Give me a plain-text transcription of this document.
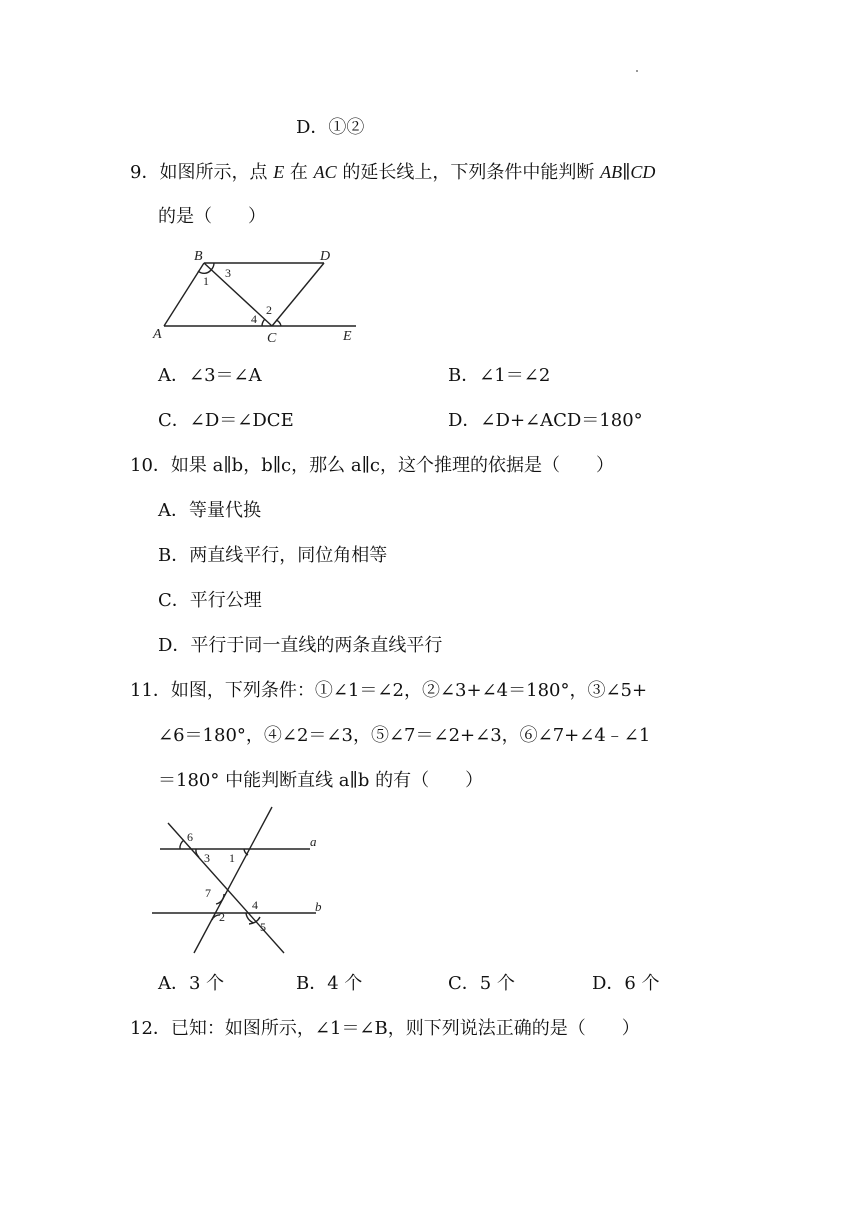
D．①②
9．如图所示，点 E 在 AC 的延长线上，下列条件中能判断 AB∥CD
的是（　　）
B	D
A	C	E
1
3
4
2
A．∠3＝∠A	B．∠1＝∠2
C．∠D＝∠DCE	D．∠D+∠ACD＝180°
10．如果 a∥b，b∥c，那么 a∥c，这个推理的依据是（　　）
A．等量代换
B．两直线平行，同位角相等
C．平行公理
D．平行于同一直线的两条直线平行
11．如图，下列条件：①∠1＝∠2，②∠3+∠4＝180°，③∠5+
∠6＝180°，④∠2＝∠3，⑤∠7＝∠2+∠3，⑥∠7+∠4﹣∠1
＝180° 中能判断直线 a∥b 的有（　　）
a
b
6
3 1
7
2
4
5
A．3 个	B．4 个	C．5 个	D．6 个
12．已知：如图所示，∠1＝∠B，则下列说法正确的是（　　）
